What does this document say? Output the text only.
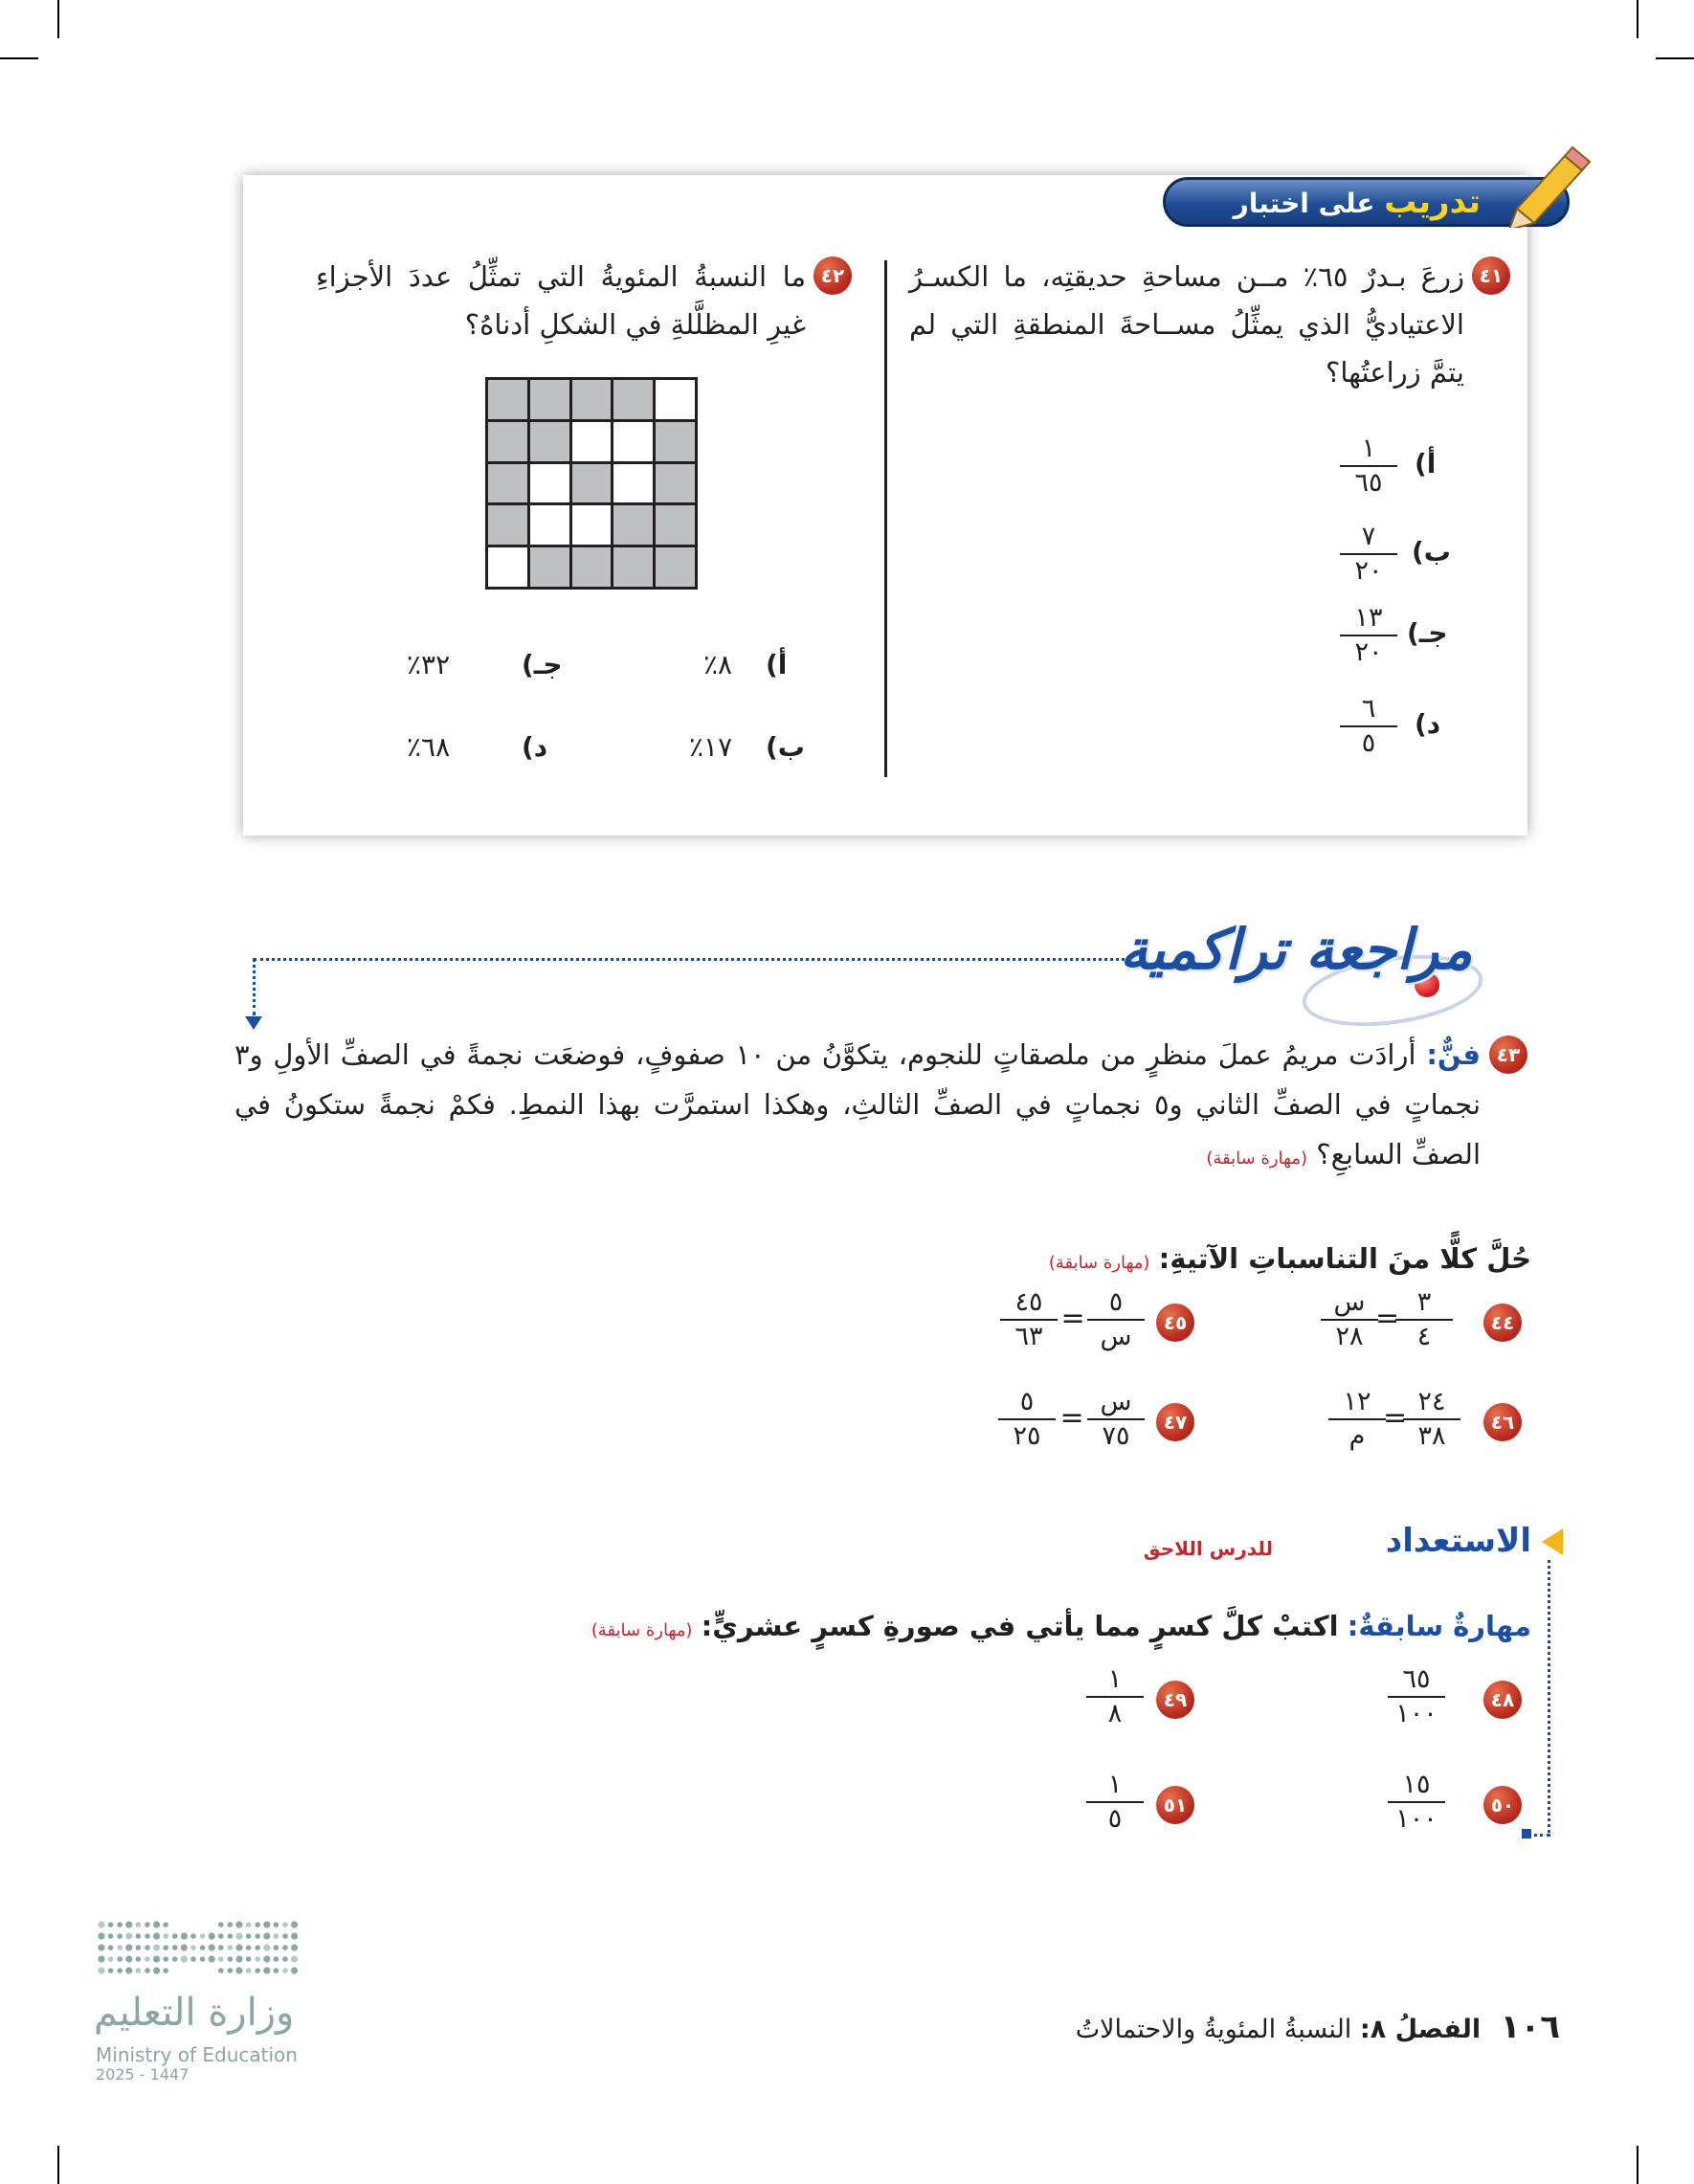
تدريب على اختبار
٤١
زرعَ بـدرٌ ٦٥٪ مــن مساحةِ حديقتِه، ما الكسـرُ الاعتياديُّ الذي يمثِّلُ مســاحةَ المنطقةِ التي لم يتمَّ زراعتُها؟
أ)
١
٦٥
ب)
٧
٢٠
جـ)
١٣
٢٠
د)
٦
٥
٤٢
ما النسبةُ المئويةُ التي تمثِّلُ عددَ الأجزاءِ غيرِ المظلَّلةِ في الشكلِ أدناهُ؟
أ)
٨٪
جـ)
٣٢٪
ب)
١٧٪
د)
٦٨٪
مراجعة تراكمية
٤٣
فنٌّ: أرادَت مريمُ عملَ منظرٍ من ملصقاتٍ للنجوم، يتكوَّنُ من ١٠ صفوفٍ، فوضعَت نجمةً في الصفِّ الأولِ و٣ نجماتٍ في الصفِّ الثاني و٥ نجماتٍ في الصفِّ الثالثِ، وهكذا استمرَّت بهذا النمطِ. فكمْ نجمةً ستكونُ في الصفِّ السابعِ؟ (مهارة سابقة)
حُلَّ كلًّا منَ التناسباتِ الآتيةِ: (مهارة سابقة)
٤٤
٣
٤
=
س
٢٨
٤٥
٥
س
=
٤٥
٦٣
٤٦
٢٤
٣٨
=
١٢
م
٤٧
س
٧٥
=
٥
٢٥
الاستعداد
للدرس اللاحق
مهارةٌ سابقةٌ: اكتبْ كلَّ كسرٍ مما يأتي في صورةِ كسرٍ عشريٍّ: (مهارة سابقة)
٤٨
٦٥
١٠٠
٤٩
١
٨
٥٠
١٥
١٠٠
٥١
١
٥
١٠٦ الفصلُ ٨: النسبةُ المئويةُ والاحتمالاتُ
وزارة التعليم
Ministry of Education
2025 - 1447
